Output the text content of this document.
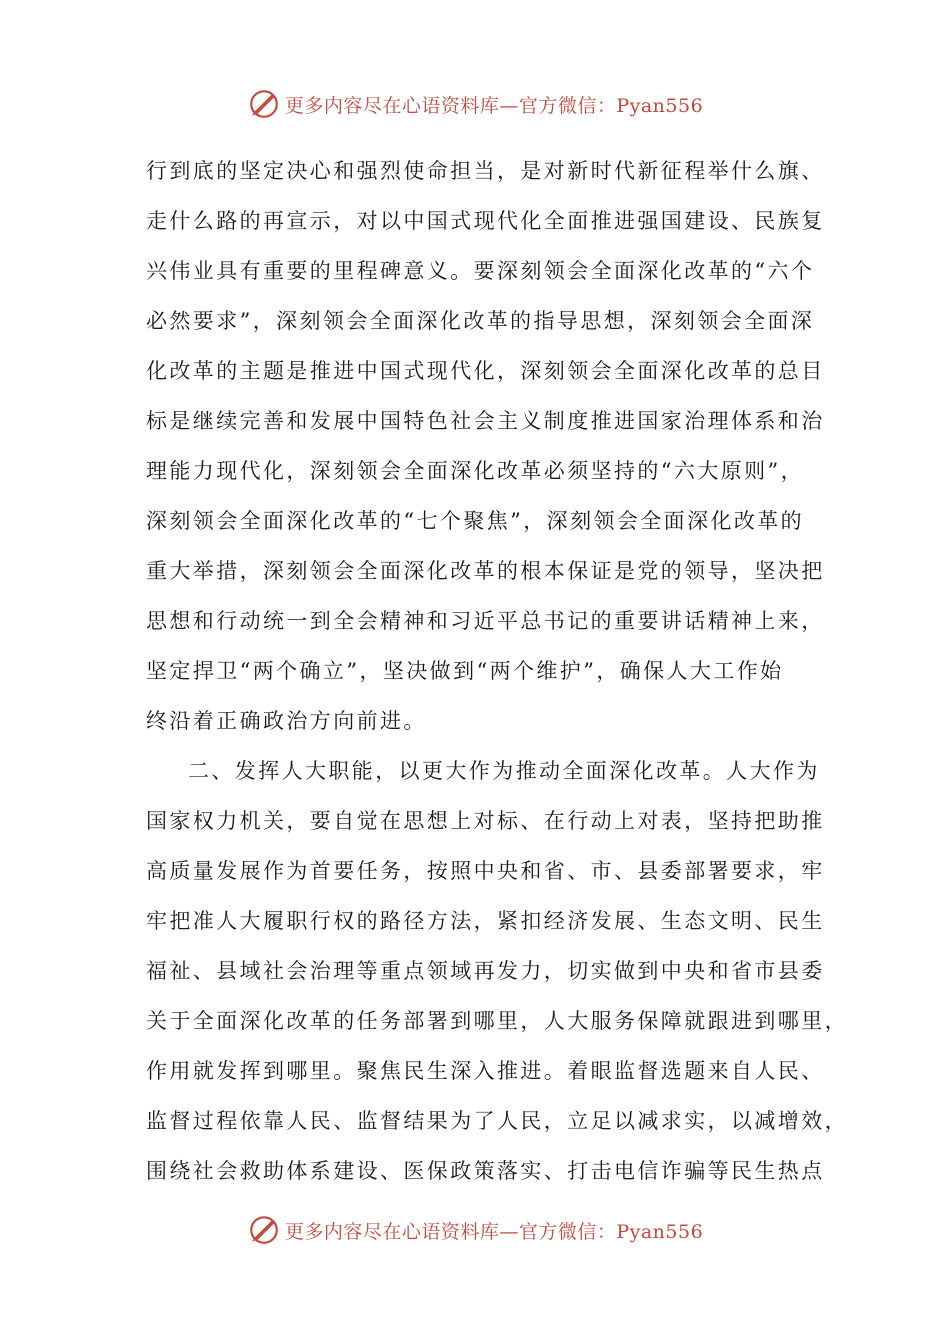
更多内容尽在心语资料库—官方微信：Pyan556
行到底的坚定决心和强烈使命担当，是对新时代新征程举什么旗、
走什么路的再宣示，对以中国式现代化全面推进强国建设、民族复
兴伟业具有重要的里程碑意义。要深刻领会全面深化改革的“六个
必然要求”，深刻领会全面深化改革的指导思想，深刻领会全面深
化改革的主题是推进中国式现代化，深刻领会全面深化改革的总目
标是继续完善和发展中国特色社会主义制度推进国家治理体系和治
理能力现代化，深刻领会全面深化改革必须坚持的“六大原则”，
深刻领会全面深化改革的“七个聚焦”，深刻领会全面深化改革的
重大举措，深刻领会全面深化改革的根本保证是党的领导，坚决把
思想和行动统一到全会精神和习近平总书记的重要讲话精神上来，
坚定捍卫“两个确立”，坚决做到“两个维护”，确保人大工作始
终沿着正确政治方向前进。
二、发挥人大职能，以更大作为推动全面深化改革。人大作为
国家权力机关，要自觉在思想上对标、在行动上对表，坚持把助推
高质量发展作为首要任务，按照中央和省、市、县委部署要求，牢
牢把准人大履职行权的路径方法，紧扣经济发展、生态文明、民生
福祉、县域社会治理等重点领域再发力，切实做到中央和省市县委
关于全面深化改革的任务部署到哪里，人大服务保障就跟进到哪里，
作用就发挥到哪里。聚焦民生深入推进。着眼监督选题来自人民、
监督过程依靠人民、监督结果为了人民，立足以减求实，以减增效，
围绕社会救助体系建设、医保政策落实、打击电信诈骗等民生热点
更多内容尽在心语资料库—官方微信：Pyan556
